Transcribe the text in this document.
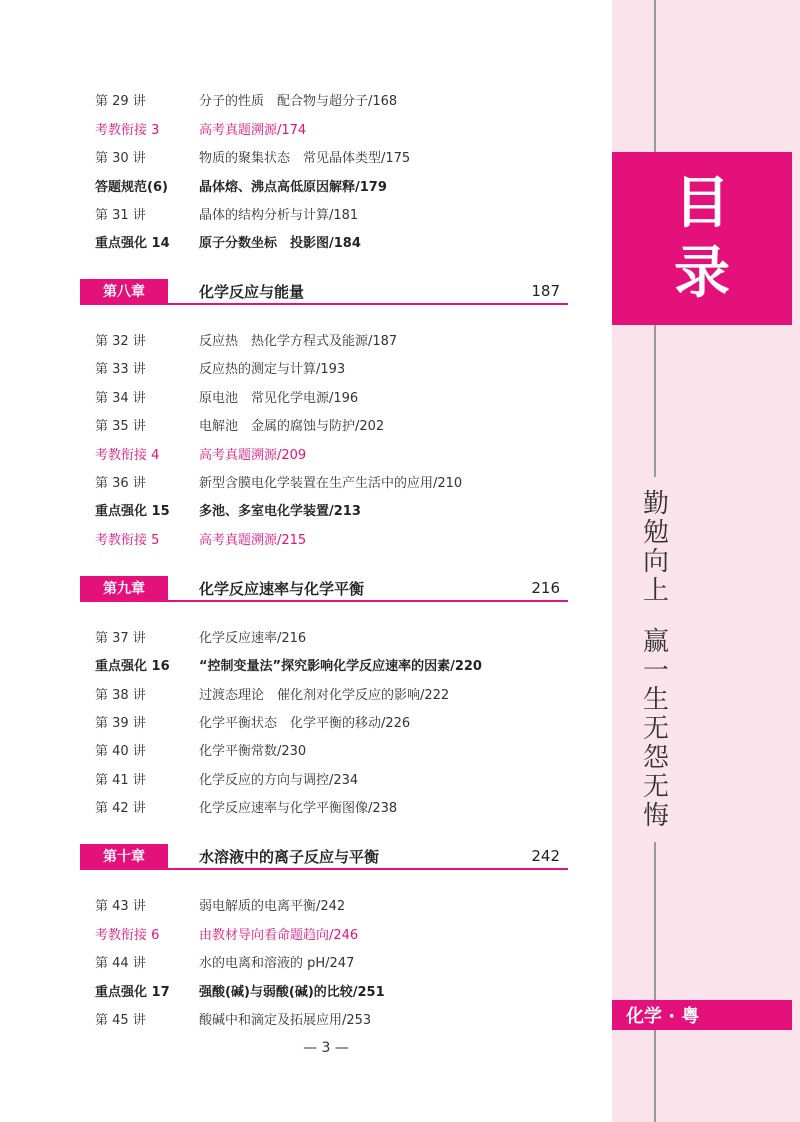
目
录
勤
勉
向
上
赢
一
生
无
怨
无
悔
化学 · 粤
第 29 讲	分子的性质　配合物与超分子/168
考教衔接 3	高考真题溯源/174
第 30 讲	物质的聚集状态　常见晶体类型/175
答题规范(6)	晶体熔、沸点高低原因解释/179
第 31 讲	晶体的结构分析与计算/181
重点强化 14	原子分数坐标　投影图/184
第八章	化学反应与能量	187
第 32 讲	反应热　热化学方程式及能源/187
第 33 讲	反应热的测定与计算/193
第 34 讲	原电池　常见化学电源/196
第 35 讲	电解池　金属的腐蚀与防护/202
考教衔接 4	高考真题溯源/209
第 36 讲	新型含膜电化学装置在生产生活中的应用/210
重点强化 15	多池、多室电化学装置/213
考教衔接 5	高考真题溯源/215
第九章	化学反应速率与化学平衡	216
第 37 讲	化学反应速率/216
重点强化 16	“控制变量法”探究影响化学反应速率的因素/220
第 38 讲	过渡态理论　催化剂对化学反应的影响/222
第 39 讲	化学平衡状态　化学平衡的移动/226
第 40 讲	化学平衡常数/230
第 41 讲	化学反应的方向与调控/234
第 42 讲	化学反应速率与化学平衡图像/238
第十章	水溶液中的离子反应与平衡	242
第 43 讲	弱电解质的电离平衡/242
考教衔接 6	由教材导向看命题趋向/246
第 44 讲	水的电离和溶液的 pH/247
重点强化 17	强酸(碱)与弱酸(碱)的比较/251
第 45 讲	酸碱中和滴定及拓展应用/253
— 3 —
